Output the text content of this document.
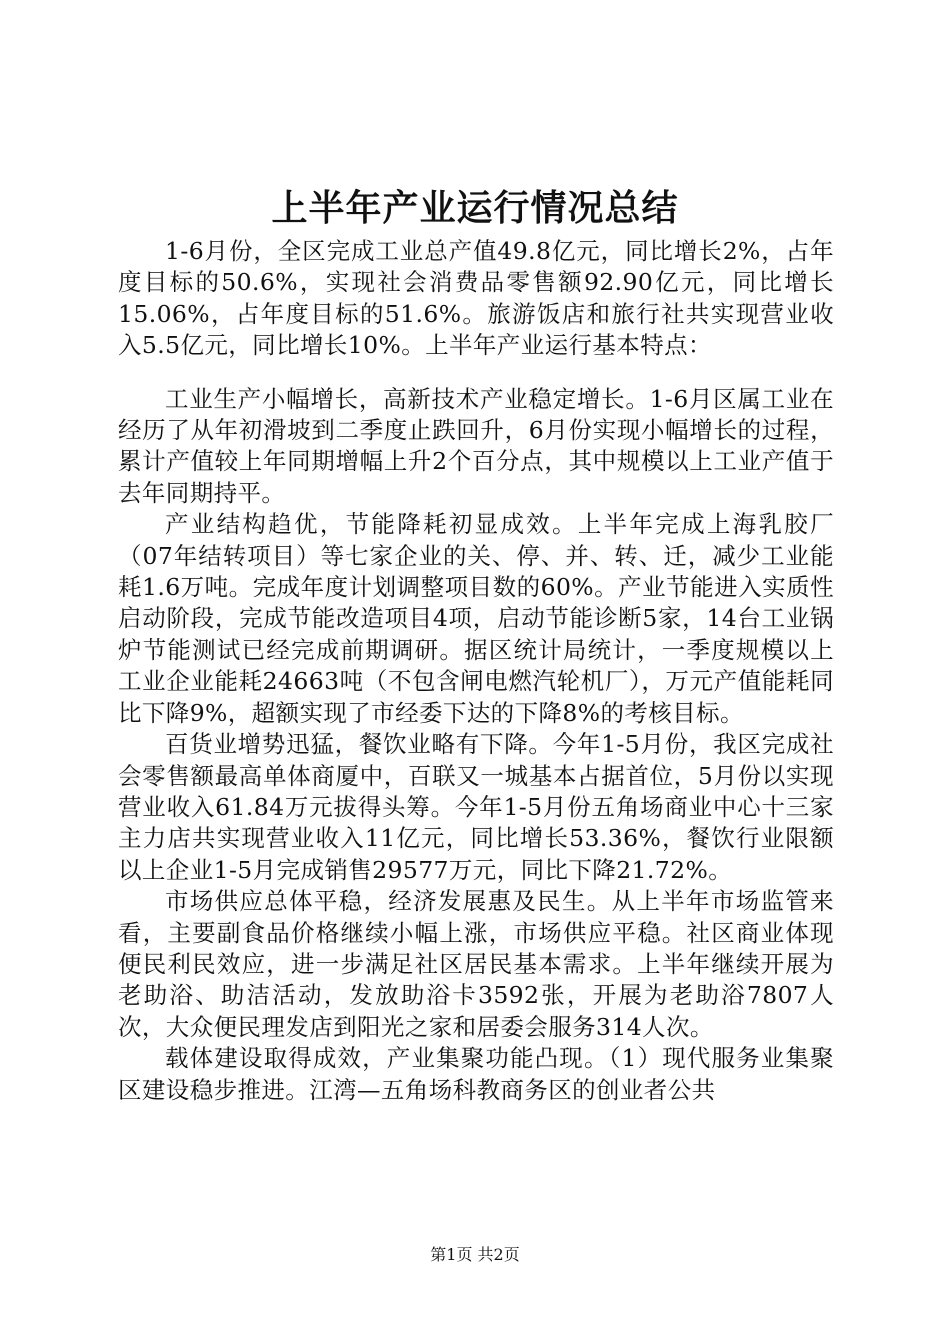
上半年产业运行情况总结

1-6月份，全区完成工业总产值49.8亿元，同比增长2%，占年度目标的50.6%，实现社会消费品零售额92.90亿元，同比增长15.06%，占年度目标的51.6%。旅游饭店和旅行社共实现营业收入5.5亿元，同比增长10%。上半年产业运行基本特点：

工业生产小幅增长，高新技术产业稳定增长。1-6月区属工业在经历了从年初滑坡到二季度止跌回升，6月份实现小幅增长的过程，累计产值较上年同期增幅上升2个百分点，其中规模以上工业产值于去年同期持平。

产业结构趋优，节能降耗初显成效。上半年完成上海乳胶厂（07年结转项目）等七家企业的关、停、并、转、迁，减少工业能耗1.6万吨。完成年度计划调整项目数的60%。产业节能进入实质性启动阶段，完成节能改造项目4项，启动节能诊断5家，14台工业锅炉节能测试已经完成前期调研。据区统计局统计，一季度规模以上工业企业能耗24663吨（不包含闸电燃汽轮机厂），万元产值能耗同比下降9%，超额实现了市经委下达的下降8%的考核目标。

百货业增势迅猛，餐饮业略有下降。今年1-5月份，我区完成社会零售额最高单体商厦中，百联又一城基本占据首位，5月份以实现营业收入61.84万元拔得头筹。今年1-5月份五角场商业中心十三家主力店共实现营业收入11亿元，同比增长53.36%，餐饮行业限额以上企业1-5月完成销售29577万元，同比下降21.72%。

市场供应总体平稳，经济发展惠及民生。从上半年市场监管来看，主要副食品价格继续小幅上涨，市场供应平稳。社区商业体现便民利民效应，进一步满足社区居民基本需求。上半年继续开展为老助浴、助洁活动，发放助浴卡3592张，开展为老助浴7807人次，大众便民理发店到阳光之家和居委会服务314人次。

载体建设取得成效，产业集聚功能凸现。（1）现代服务业集聚区建设稳步推进。江湾—五角场科教商务区的创业者公共

第1页 共2页
